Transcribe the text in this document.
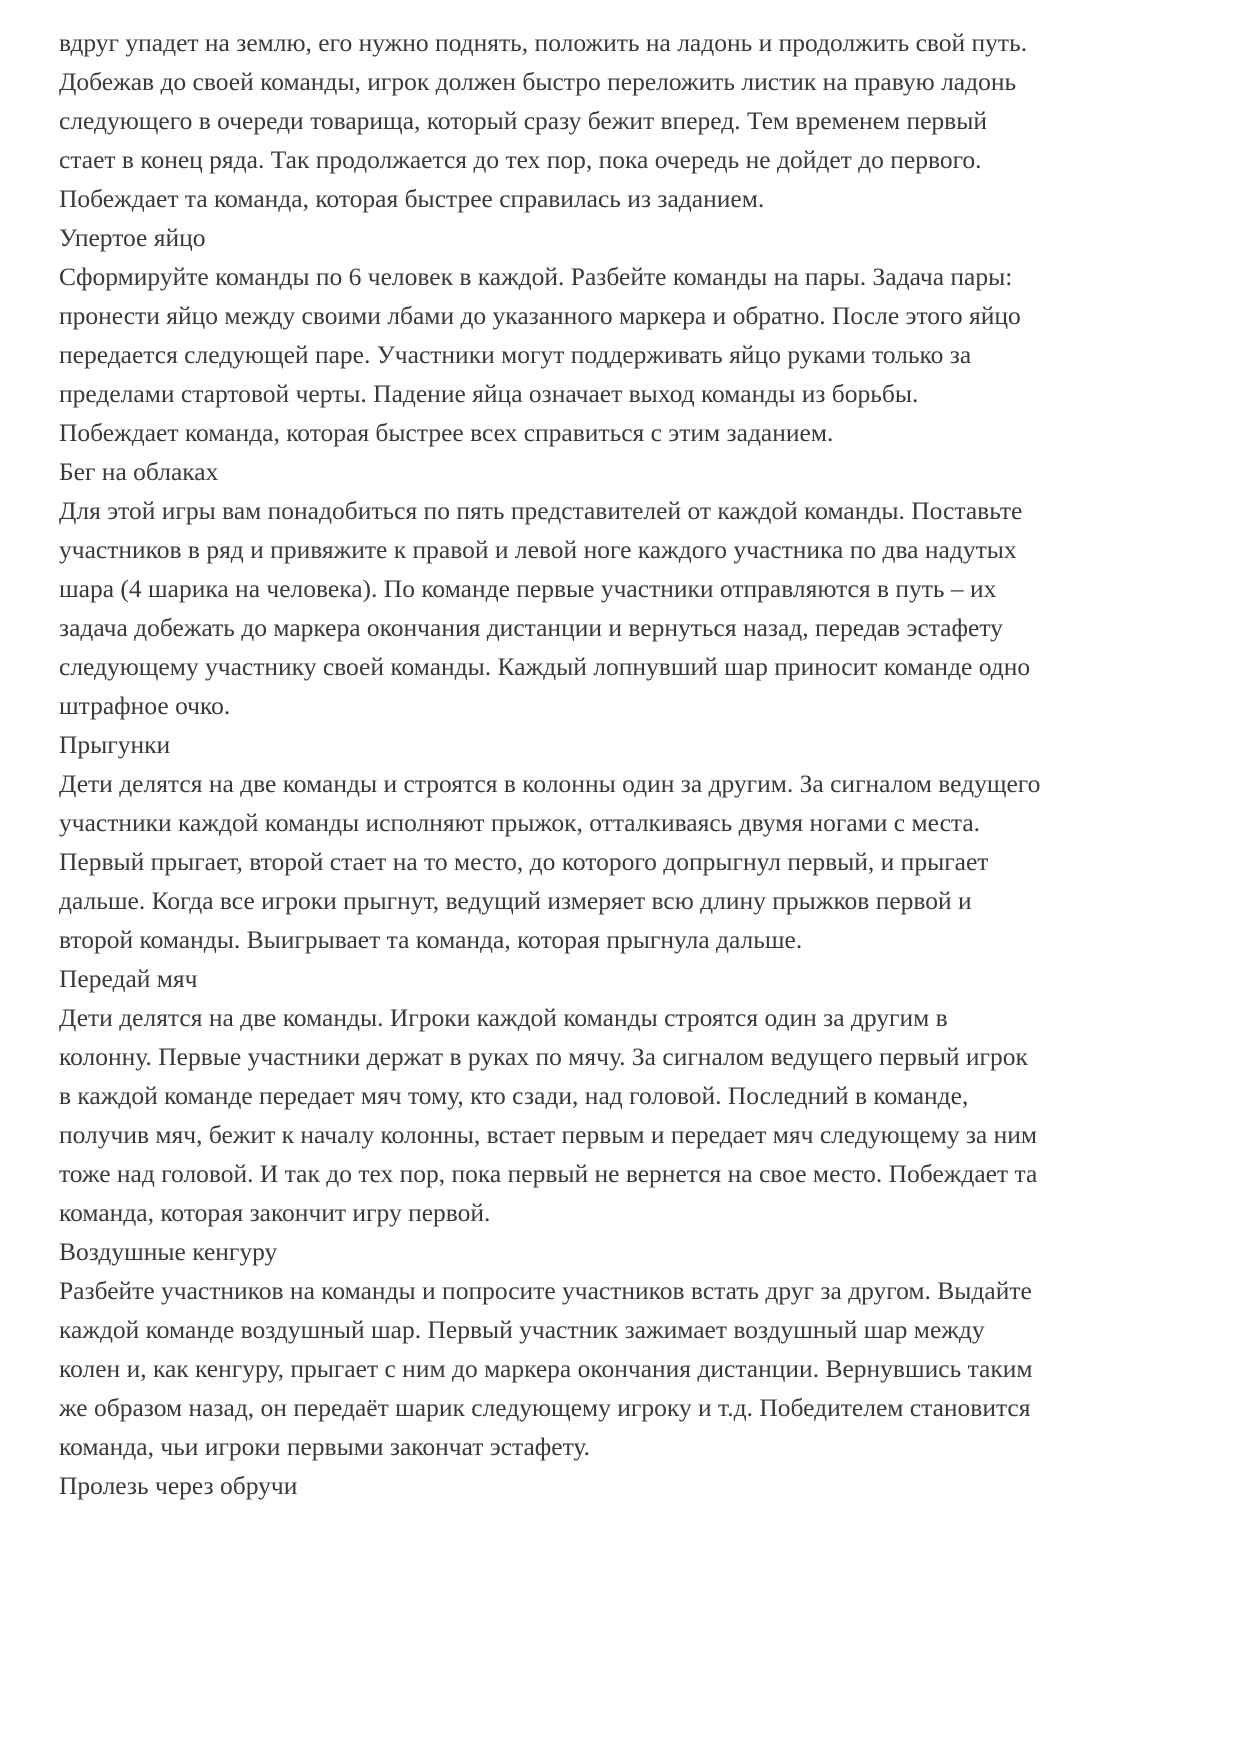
вдруг упадет на землю, его нужно поднять, положить на ладонь и продолжить свой путь.
Добежав до своей команды, игрок должен быстро переложить листик на правую ладонь
следующего в очереди товарища, который сразу бежит вперед. Тем временем первый
стает в конец ряда. Так продолжается до тех пор, пока очередь не дойдет до первого.
Побеждает та команда, которая быстрее справилась из заданием.

Упертое яйцо

Сформируйте команды по 6 человек в каждой. Разбейте команды на пары. Задача пары:
пронести яйцо между своими лбами до указанного маркера и обратно. После этого яйцо
передается следующей паре. Участники могут поддерживать яйцо руками только за
пределами стартовой черты. Падение яйца означает выход команды из борьбы.
Побеждает команда, которая быстрее всех справиться с этим заданием.

Бег на облаках

Для этой игры вам понадобиться по пять представителей от каждой команды. Поставьте
участников в ряд и привяжите к правой и левой ноге каждого участника по два надутых
шара (4 шарика на человека). По команде первые участники отправляются в путь – их
задача добежать до маркера окончания дистанции и вернуться назад, передав эстафету
следующему участнику своей команды. Каждый лопнувший шар приносит команде одно
штрафное очко.

Прыгунки

Дети делятся на две команды и строятся в колонны один за другим. За сигналом ведущего
участники каждой команды исполняют прыжок, отталкиваясь двумя ногами с места.
Первый прыгает, второй стает на то место, до которого допрыгнул первый, и прыгает
дальше. Когда все игроки прыгнут, ведущий измеряет всю длину прыжков первой и
второй команды. Выигрывает та команда, которая прыгнула дальше.

Передай мяч

Дети делятся на две команды. Игроки каждой команды строятся один за другим в
колонну. Первые участники держат в руках по мячу. За сигналом ведущего первый игрок
в каждой команде передает мяч тому, кто сзади, над головой. Последний в команде,
получив мяч, бежит к началу колонны, встает первым и передает мяч следующему за ним
тоже над головой. И так до тех пор, пока первый не вернется на свое место. Побеждает та
команда, которая закончит игру первой.

Воздушные кенгуру

Разбейте участников на команды и попросите участников встать друг за другом. Выдайте
каждой команде воздушный шар. Первый участник зажимает воздушный шар между
колен и, как кенгуру, прыгает с ним до маркера окончания дистанции. Вернувшись таким
же образом назад, он передаёт шарик следующему игроку и т.д. Победителем становится
команда, чьи игроки первыми закончат эстафету.

Пролезь через обручи
